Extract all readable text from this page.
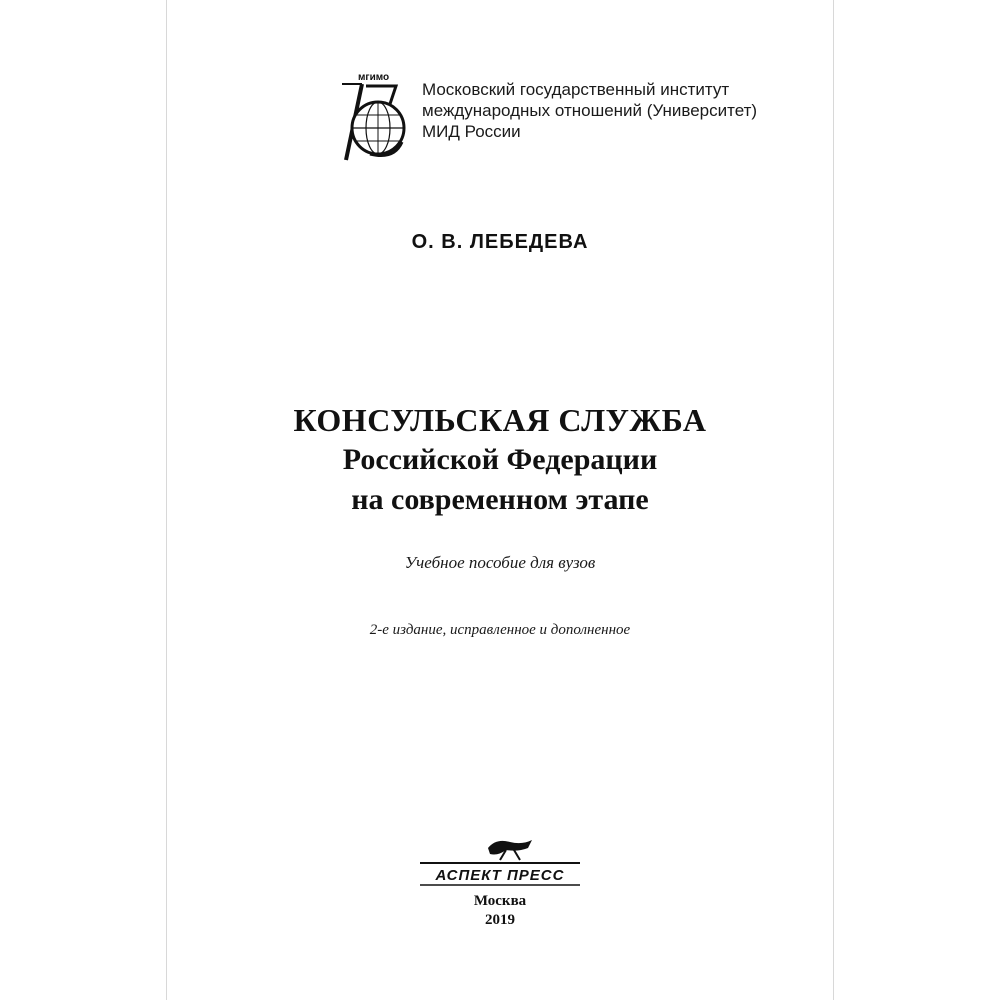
мгимо
Московский государственный институт
международных отношений (Университет)
МИД России
О. В. ЛЕБЕДЕВА
КОНСУЛЬСКАЯ СЛУЖБА
Российской Федерации
на современном этапе
Учебное пособие для вузов
2-е издание, исправленное и дополненное
АСПЕКТ ПРЕСС
Москва
2019
